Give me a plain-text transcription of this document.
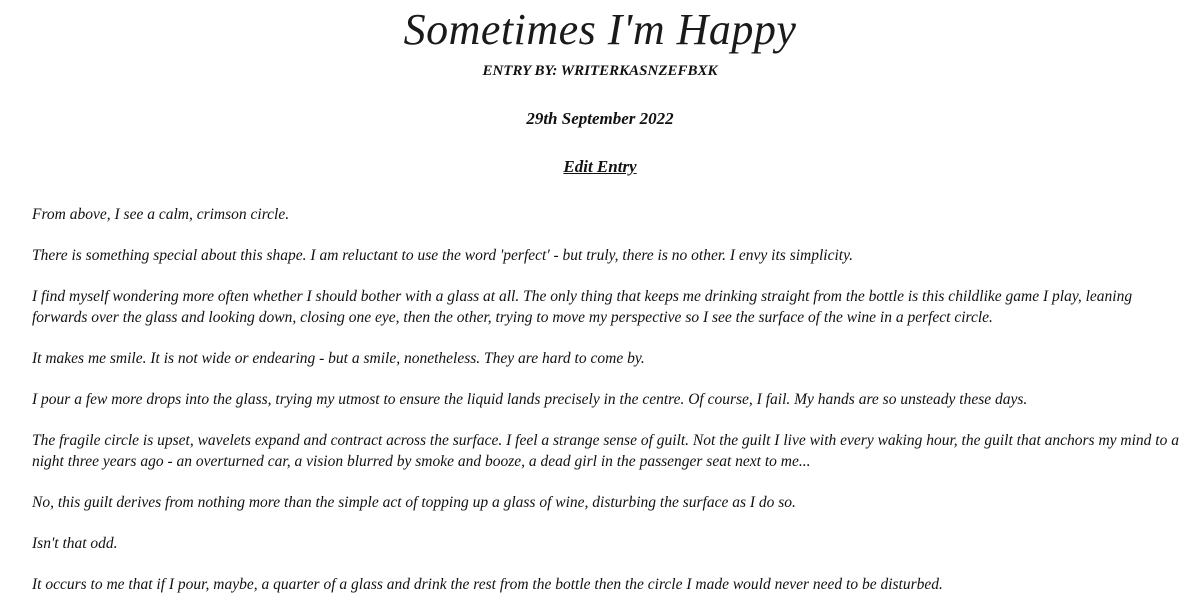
Sometimes I'm Happy
ENTRY BY: WRITERKASNZEFBXK
29th September 2022
Edit Entry

From above, I see a calm, crimson circle.

There is something special about this shape. I am reluctant to use the word 'perfect' - but truly, there is no other. I envy its simplicity.

I find myself wondering more often whether I should bother with a glass at all. The only thing that keeps me drinking straight from the bottle is this childlike game I play, leaning forwards over the glass and looking down, closing one eye, then the other, trying to move my perspective so I see the surface of the wine in a perfect circle.

It makes me smile. It is not wide or endearing - but a smile, nonetheless. They are hard to come by.

I pour a few more drops into the glass, trying my utmost to ensure the liquid lands precisely in the centre. Of course, I fail. My hands are so unsteady these days.

The fragile circle is upset, wavelets expand and contract across the surface. I feel a strange sense of guilt. Not the guilt I live with every waking hour, the guilt that anchors my mind to a night three years ago - an overturned car, a vision blurred by smoke and booze, a dead girl in the passenger seat next to me...

No, this guilt derives from nothing more than the simple act of topping up a glass of wine, disturbing the surface as I do so.

Isn't that odd.

It occurs to me that if I pour, maybe, a quarter of a glass and drink the rest from the bottle then the circle I made would never need to be disturbed.
